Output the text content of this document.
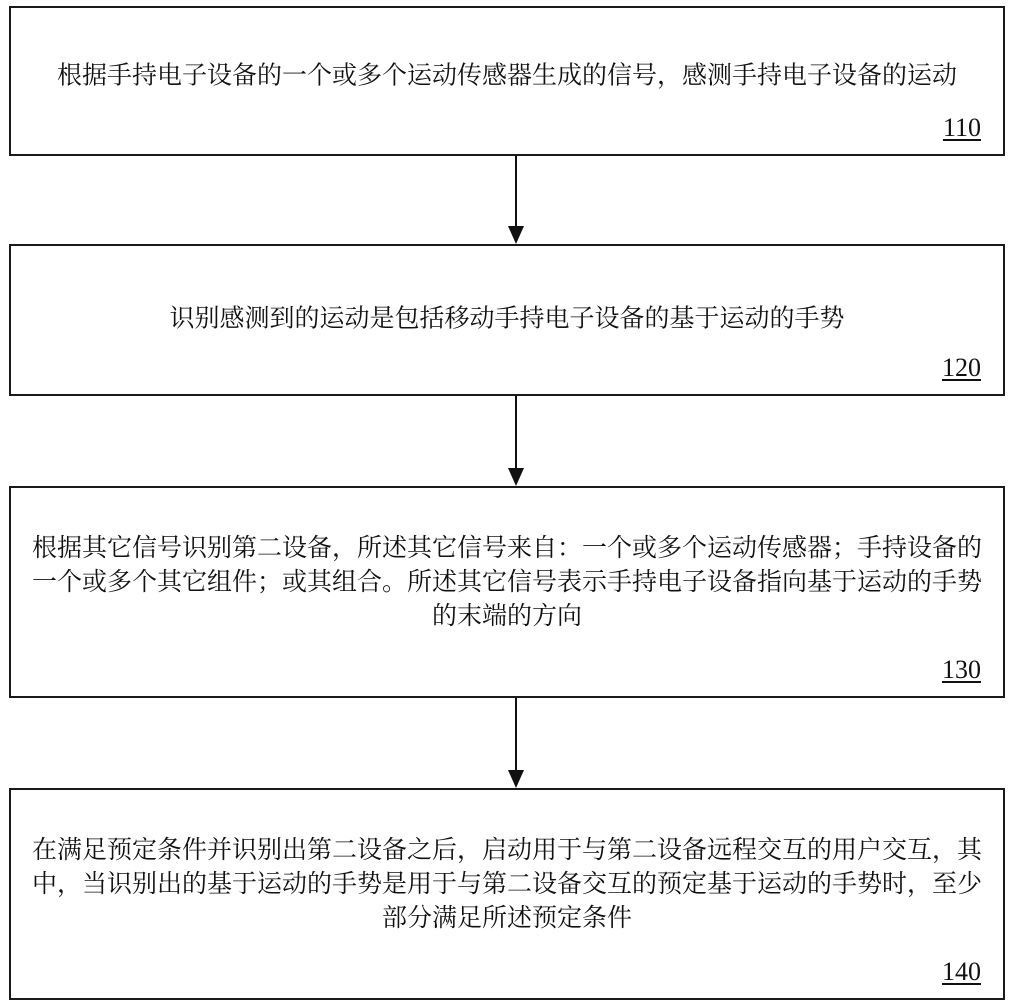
根据手持电子设备的一个或多个运动传感器生成的信号，感测手持电子设备的运动

110

识别感测到的运动是包括移动手持电子设备的基于运动的手势

120

根据其它信号识别第二设备，所述其它信号来自：一个或多个运动传感器；手持设备的一个或多个其它组件；或其组合。所述其它信号表示手持电子设备指向基于运动的手势的末端的方向

130

在满足预定条件并识别出第二设备之后，启动用于与第二设备远程交互的用户交互，其中，当识别出的基于运动的手势是用于与第二设备交互的预定基于运动的手势时，至少部分满足所述预定条件

140
